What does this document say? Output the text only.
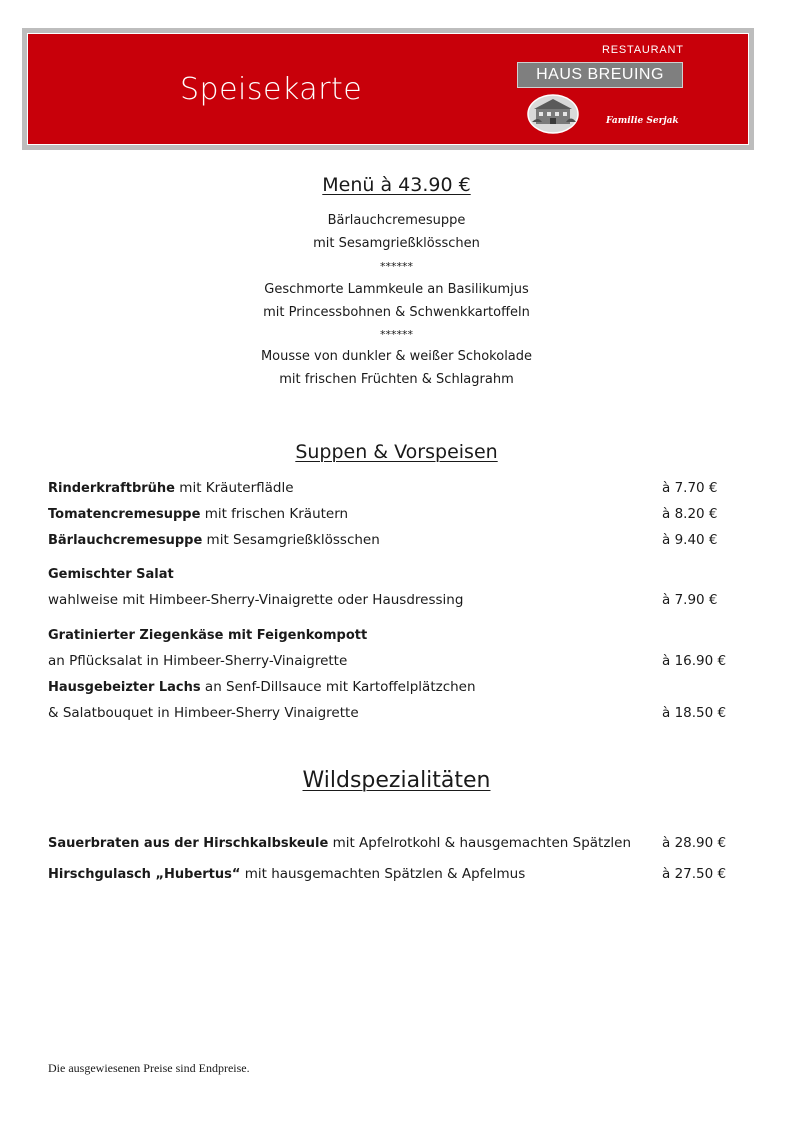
Speisekarte
RESTAURANT
HAUS BREUING
Familie Serjak
Menü à 43.90 €
Bärlauchcremesuppe
mit Sesamgrießklösschen
******
Geschmorte Lammkeule an Basilikumjus
mit Princessbohnen & Schwenkkartoffeln
******
Mousse von dunkler & weißer Schokolade
mit frischen Früchten & Schlagrahm
Suppen & Vorspeisen
Rinderkraftbrühe mit Kräuterflädle	à 7.70 €
Tomatencremesuppe mit frischen Kräutern	à 8.20 €
Bärlauchcremesuppe mit Sesamgrießklösschen	à 9.40 €
Gemischter Salat
wahlweise mit Himbeer-Sherry-Vinaigrette oder Hausdressing	à 7.90 €
Gratinierter Ziegenkäse mit Feigenkompott
an Pflücksalat in Himbeer-Sherry-Vinaigrette	à 16.90 €
Hausgebeizter Lachs an Senf-Dillsauce mit Kartoffelplätzchen
& Salatbouquet in Himbeer-Sherry Vinaigrette	à 18.50 €
Wildspezialitäten
Sauerbraten aus der Hirschkalbskeule mit Apfelrotkohl & hausgemachten Spätzlen à 28.90 €
Hirschgulasch „Hubertus“ mit hausgemachten Spätzlen & Apfelmus	à 27.50 €
Die ausgewiesenen Preise sind Endpreise.
